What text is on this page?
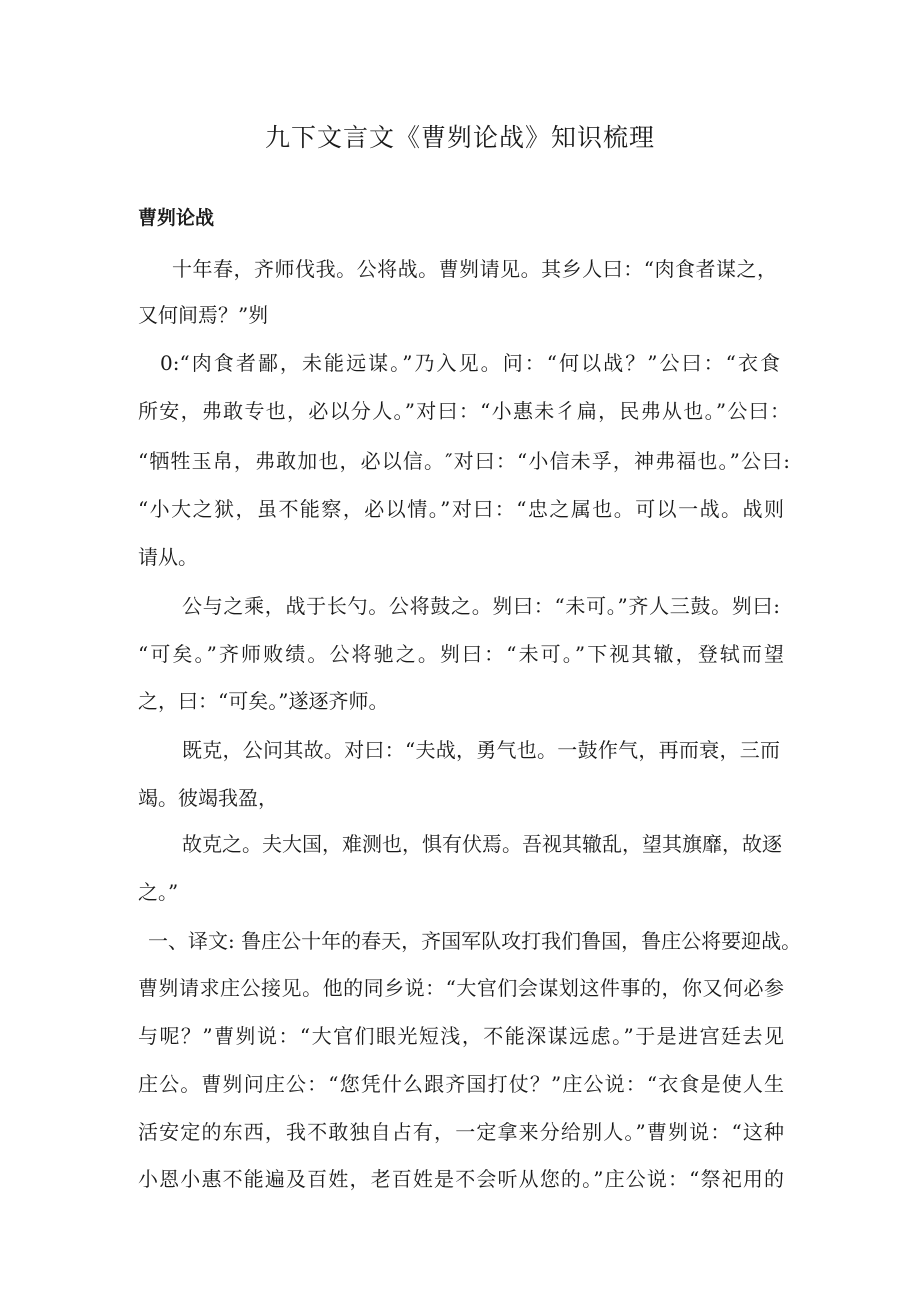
九下文言文《曹刿论战》知识梳理
曹刿论战
十年春，齐师伐我。公将战。曹刿请见。其乡人曰：“肉食者谋之，
又何间焉？”刿
0:“肉食者鄙，未能远谋。”乃入见。问：“何以战？”公曰：“衣食
所安，弗敢专也，必以分人。”对曰：“小惠未彳扁，民弗从也。”公曰：
“牺牲玉帛，弗敢加也，必以信。″对曰：“小信未孚，神弗福也。”公曰:
“小大之狱，虽不能察，必以情。”对曰：“忠之属也。可以一战。战则
请从。
公与之乘，战于长勺。公将鼓之。刿曰：“未可。”齐人三鼓。刿曰:
“可矣。”齐师败绩。公将驰之。刿曰：“未可。”下视其辙，登轼而望
之，曰：“可矣。”遂逐齐师。
既克，公问其故。对曰：“夫战，勇气也。一鼓作气，再而衰，三而
竭。彼竭我盈，
故克之。夫大国，难测也，惧有伏焉。吾视其辙乱，望其旗靡，故逐
之。”
一、译文: 鲁庄公十年的春天，齐国军队攻打我们鲁国，鲁庄公将要迎战。
曹刿请求庄公接见。他的同乡说：“大官们会谋划这件事的，你又何必参
与呢？”曹刿说：“大官们眼光短浅，不能深谋远虑。”于是进宫廷去见
庄公。曹刿问庄公：“您凭什么跟齐国打仗？”庄公说：“衣食是使人生
活安定的东西，我不敢独自占有，一定拿来分给别人。”曹刿说：“这种
小恩小惠不能遍及百姓，老百姓是不会听从您的。”庄公说：“祭祀用的
